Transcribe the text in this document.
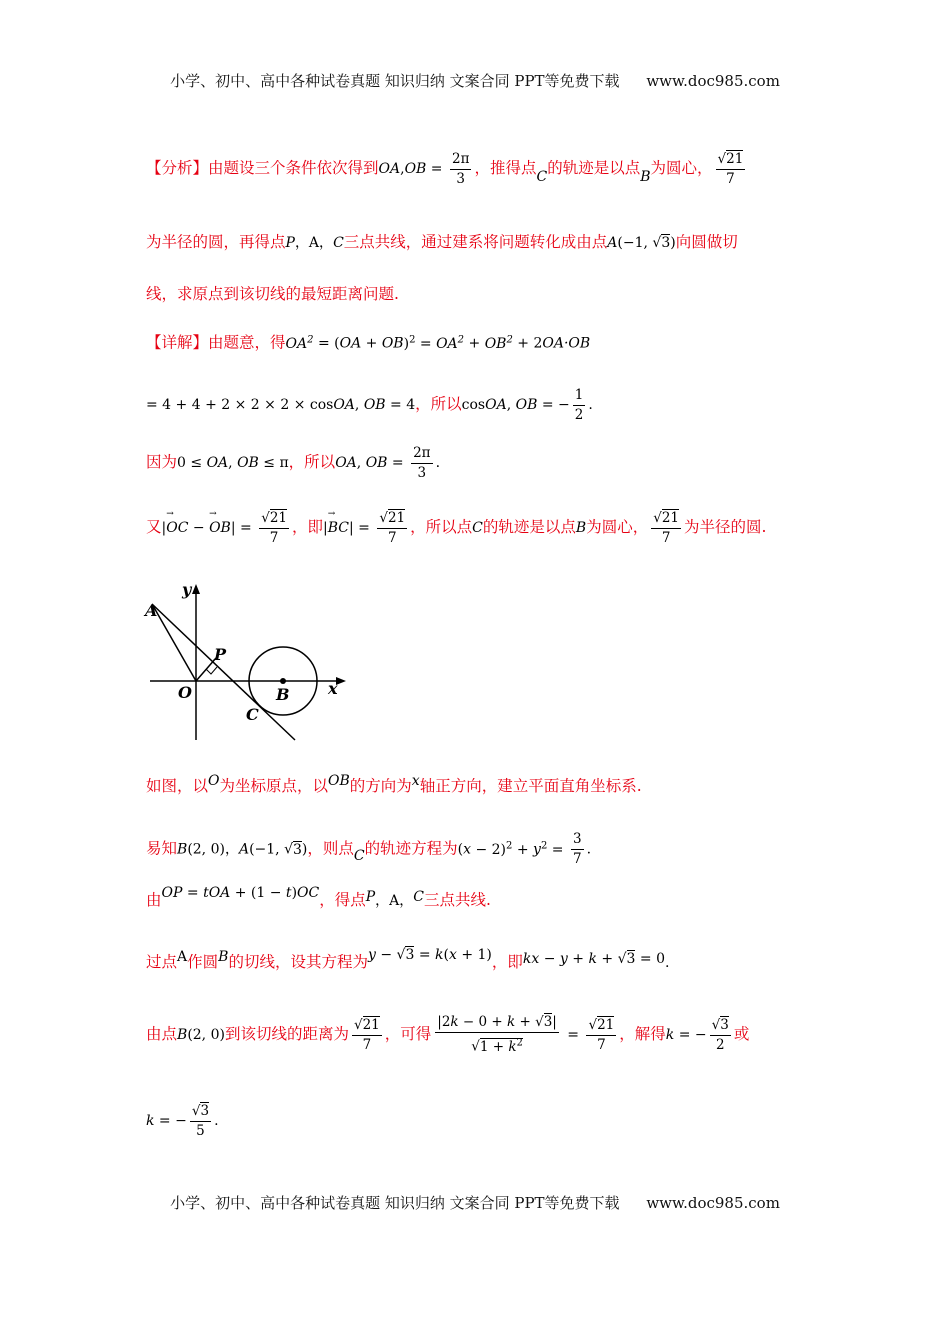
小学、初中、高中各种试卷真题 知识归纳 文案合同 PPT等免费下载 www.doc985.com
【分析】由题设三个条件依次得到$OA,OB = \frac{2\pi}{3}$ ，推得点C的轨迹是以点B为圆心， $\frac{√21}{7}$
为半径的圆，再得点P，A，C三点共线，通过建系将问题转化成由点A(−1, √3)向圆做切
线，求原点到该切线的最短距离问题.
【详解】由题意，得$OA^2 = (OA + OB)^2 = OA^2 + OB^2 + 2OA\cdot OB$
= 4 + 4 + 2 × 2 × 2 × cosOA, OB = 4，所以cosOA, OB = − $\frac{1}{2}$ .
因为0 ≤ OA, OB ≤ π，所以OA, OB = $\frac{2\pi}{3}$ .
又|→ OC − → $OB| = \frac{√21}{7}$ ，即|→ $BC| = \frac{√21}{7}$ ，所以点C的轨迹是以点B为圆心， $\frac{√21}{7}$ 为半径的圆.
y
x
A
P
O	B
C
如图，以O为坐标原点，以OB的方向为x轴正方向，建立平面直角坐标系.
易知B(2, 0)，A(−1, √3)，则点C的轨迹方程为$(x - 2)^2 + y^2 = \frac{3}{7}$ .
由OP = tOA + (1 − t)OC，得点P，A，C三点共线.
过点A作圆B的切线，设其方程为y − √3 = k(x + 1)，即kx − y + k + √3 = 0.
由点B(2, 0)到该切线的距离为 $\frac{√21}{7}$ ，可得 $\frac{|2k - 0 + k + √3|}{√1 + k^2} = \frac{√21}{7}$ ，解得k = − $\frac{√3}{2}$ 或
k = − $\frac{√3}{5}$ .
小学、初中、高中各种试卷真题 知识归纳 文案合同 PPT等免费下载 www.doc985.com
